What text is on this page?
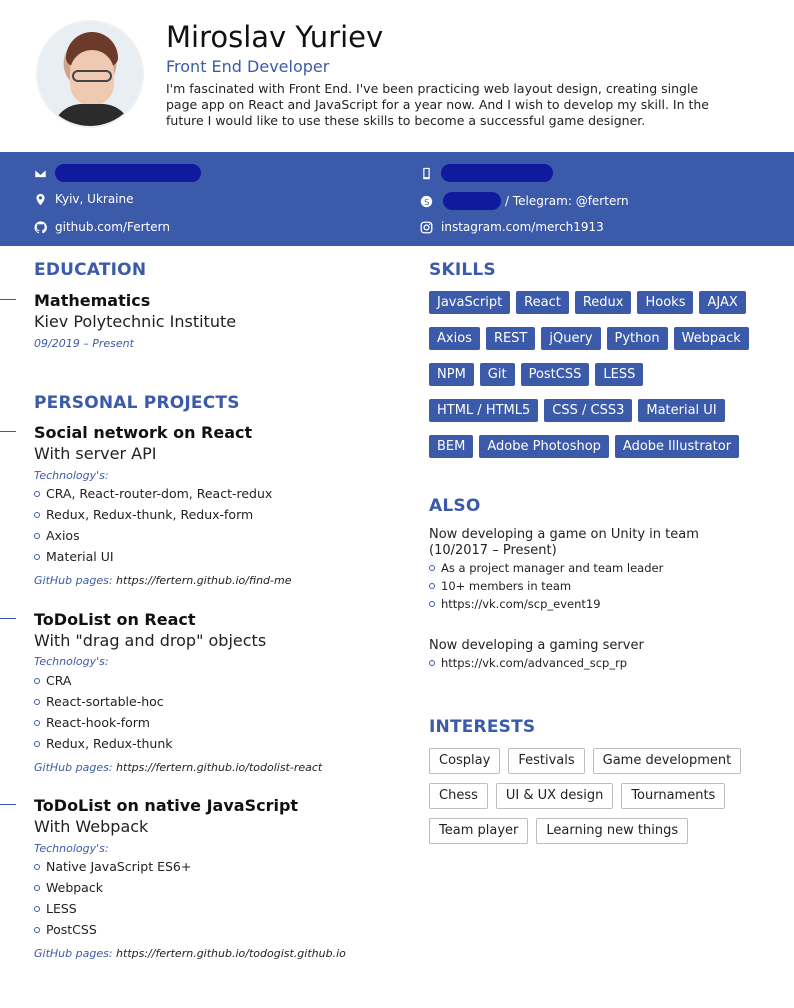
Miroslav Yuriev
Front End Developer
I'm fascinated with Front End. I've been practicing web layout design, creating single page app on React and JavaScript for a year now. And I wish to develop my skill. In the future I would like to use these skills to become a successful game designer.
Kyiv, Ukraine
github.com/Fertern
S	/ Telegram: @fertern
instagram.com/merch1913
EDUCATION
Mathematics
Kiev Polytechnic Institute
09/2019 – Present
PERSONAL PROJECTS
Social network on React
With server API
Technology's:
CRA, React-router-dom, React-redux
Redux, Redux-thunk, Redux-form
Axios
Material UI
GitHub pages: https://fertern.github.io/find-me
ToDoList on React
With "drag and drop" objects
Technology's:
CRA
React-sortable-hoc
React-hook-form
Redux, Redux-thunk
GitHub pages: https://fertern.github.io/todolist-react
ToDoList on native JavaScript
With Webpack
Technology's:
Native JavaScript ES6+
Webpack
LESS
PostCSS
GitHub pages: https://fertern.github.io/todogist.github.io
SKILLS
JavaScript	React	Redux	Hooks	AJAX
Axios	REST	jQuery	Python	Webpack
NPM	Git	PostCSS	LESS
HTML / HTML5	CSS / CSS3	Material UI
BEM	Adobe Photoshop	Adobe Illustrator
ALSO
Now developing a game on Unity in team
(10/2017 – Present)
As a project manager and team leader
10+ members in team
https://vk.com/scp_event19
Now developing a gaming server
https://vk.com/advanced_scp_rp
INTERESTS
Cosplay	Festivals	Game development
Chess	UI & UX design	Tournaments
Team player	Learning new things
